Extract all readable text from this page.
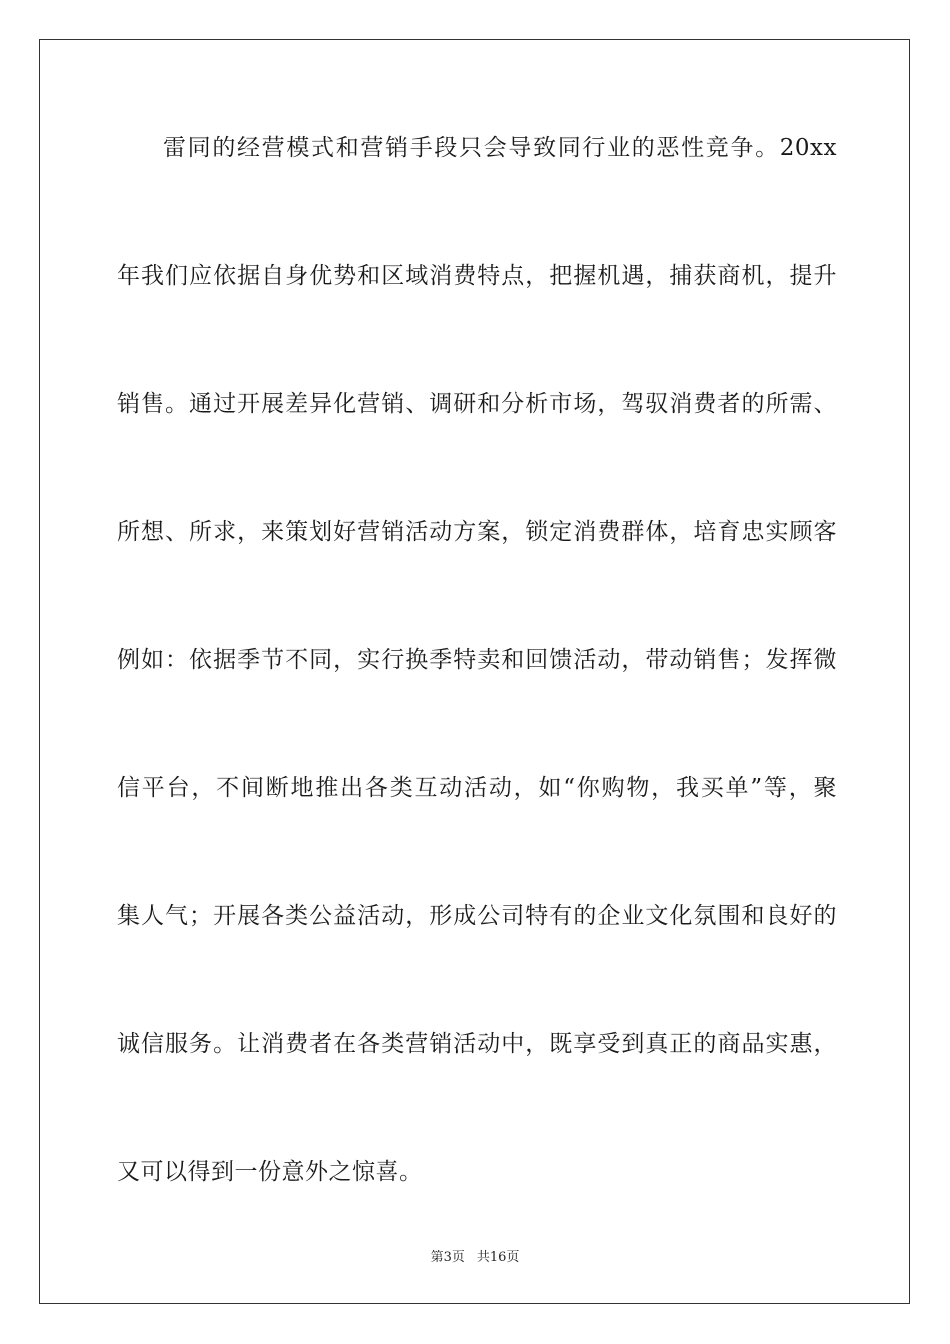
雷同的经营模式和营销手段只会导致同行业的恶性竞争。20xx
年我们应依据自身优势和区域消费特点，把握机遇，捕获商机，提升
销售。通过开展差异化营销、调研和分析市场，驾驭消费者的所需、
所想、所求，来策划好营销活动方案，锁定消费群体，培育忠实顾客
例如：依据季节不同，实行换季特卖和回馈活动，带动销售；发挥微
信平台，不间断地推出各类互动活动，如“你购物，我买单”等，聚
集人气；开展各类公益活动，形成公司特有的企业文化氛围和良好的
诚信服务。让消费者在各类营销活动中，既享受到真正的商品实惠，
又可以得到一份意外之惊喜。
第3页 共16页
